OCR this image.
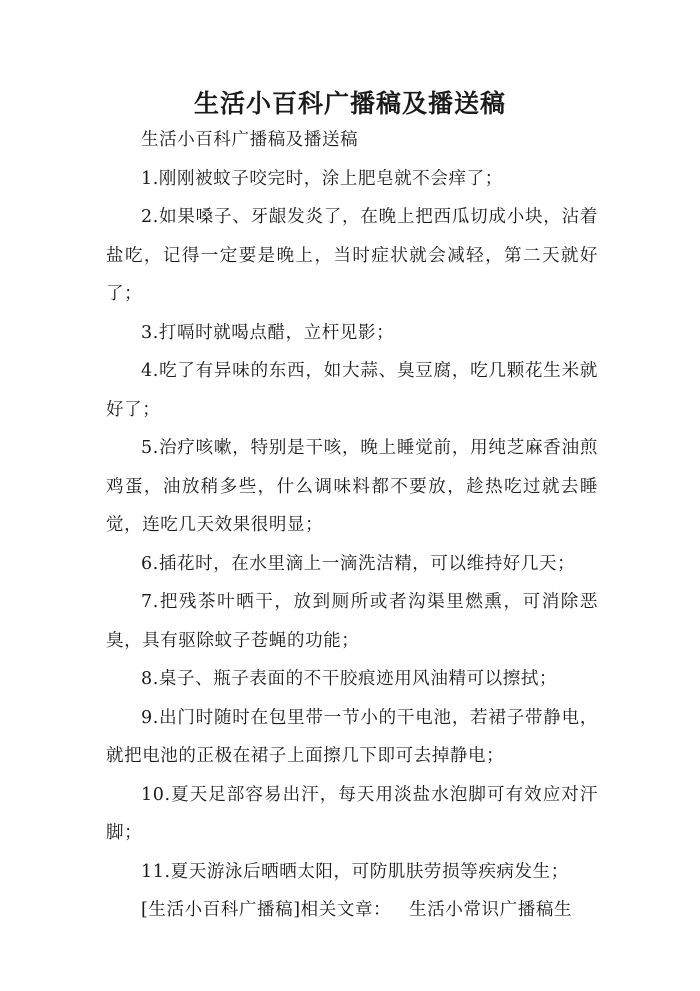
生活小百科广播稿及播送稿

生活小百科广播稿及播送稿

1.刚刚被蚊子咬完时，涂上肥皂就不会痒了；

2.如果嗓子、牙龈发炎了，在晚上把西瓜切成小块，沾着盐吃，记得一定要是晚上，当时症状就会减轻，第二天就好了；

3.打嗝时就喝点醋，立杆见影；

4.吃了有异味的东西，如大蒜、臭豆腐，吃几颗花生米就好了；

5.治疗咳嗽，特别是干咳，晚上睡觉前，用纯芝麻香油煎鸡蛋，油放稍多些，什么调味料都不要放，趁热吃过就去睡觉，连吃几天效果很明显；

6.插花时，在水里滴上一滴洗洁精，可以维持好几天；

7.把残茶叶晒干，放到厕所或者沟渠里燃熏，可消除恶臭，具有驱除蚊子苍蝇的功能；

8.桌子、瓶子表面的不干胶痕迹用风油精可以擦拭；

9.出门时随时在包里带一节小的干电池，若裙子带静电，就把电池的正极在裙子上面擦几下即可去掉静电；

10.夏天足部容易出汗，每天用淡盐水泡脚可有效应对汗脚；

11.夏天游泳后晒晒太阳，可防肌肤劳损等疾病发生；

[生活小百科广播稿]相关文章： 生活小常识广播稿生
